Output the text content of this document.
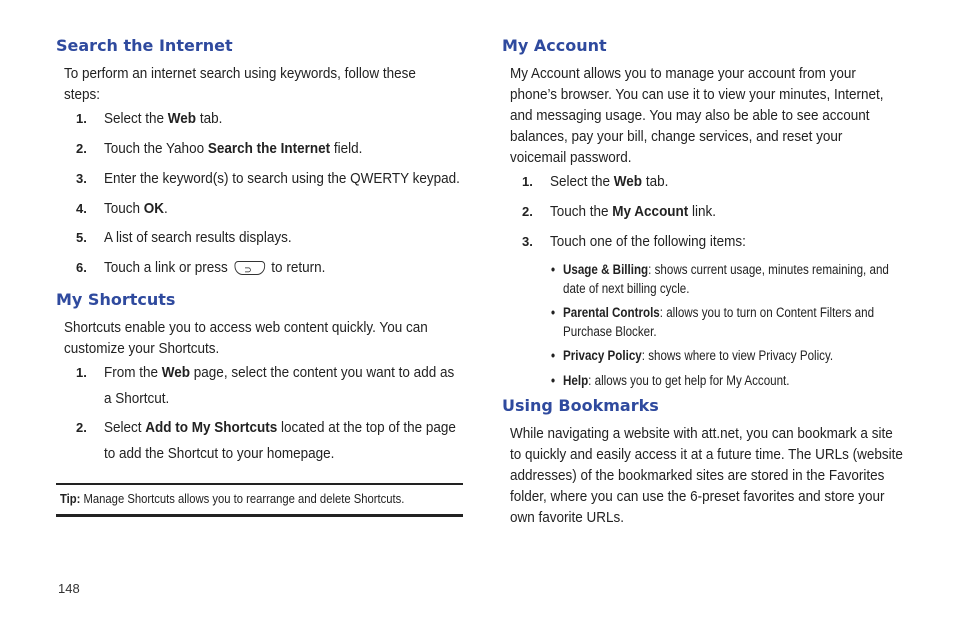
Search the Internet
To perform an internet search using keywords, follow these steps:
1. Select the Web tab.
2. Touch the Yahoo Search the Internet field.
3. Enter the keyword(s) to search using the QWERTY keypad.
4. Touch OK.
5. A list of search results displays.
6. Touch a link or press ⊃ to return.
My Shortcuts
Shortcuts enable you to access web content quickly. You can customize your Shortcuts.
1. From the Web page, select the content you want to add as a Shortcut.
2. Select Add to My Shortcuts located at the top of the page to add the Shortcut to your homepage.
Tip: Manage Shortcuts allows you to rearrange and delete Shortcuts.
148
My Account
My Account allows you to manage your account from your phone’s browser. You can use it to view your minutes, Internet, and messaging usage. You may also be able to see account balances, pay your bill, change services, and reset your voicemail password.
1. Select the Web tab.
2. Touch the My Account link.
3. Touch one of the following items:
• Usage & Billing: shows current usage, minutes remaining, and date of next billing cycle.
• Parental Controls: allows you to turn on Content Filters and Purchase Blocker.
• Privacy Policy: shows where to view Privacy Policy.
• Help: allows you to get help for My Account.
Using Bookmarks
While navigating a website with att.net, you can bookmark a site to quickly and easily access it at a future time. The URLs (website addresses) of the bookmarked sites are stored in the Favorites folder, where you can use the 6-preset favorites and store your own favorite URLs.
